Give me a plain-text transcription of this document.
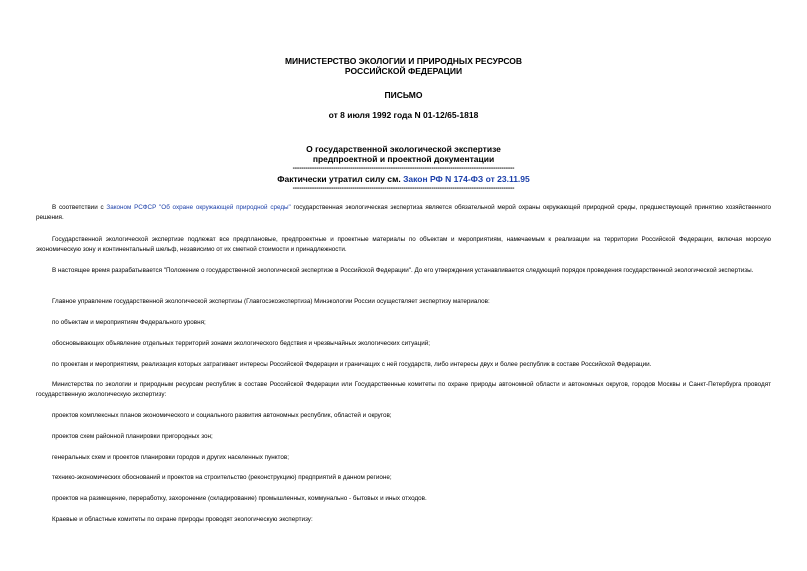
МИНИСТЕРСТВО ЭКОЛОГИИ И ПРИРОДНЫХ РЕСУРСОВ
РОССИЙСКОЙ ФЕДЕРАЦИИ
ПИСЬМО
от 8 июля 1992 года N 01-12/65-1818
О государственной экологической экспертизе
предпроектной и проектной документации
--------------------------------------------------------------------------------------------------------
Фактически утратил силу см. Закон РФ N 174-ФЗ от 23.11.95
--------------------------------------------------------------------------------------------------------
В соответствии с Законом РСФСР "Об охране окружающей природной среды" государственная экологическая экспертиза является обязательной мерой охраны окружающей природной среды, предшествующей принятию хозяйственного решения.
Государственной экологической экспертизе подлежат все предплановые, предпроектные и проектные материалы по объектам и мероприятиям, намечаемым к реализации на территории Российской Федерации, включая морскую экономическую зону и континентальный шельф, независимо от их сметной стоимости и принадлежности.
В настоящее время разрабатывается "Положение о государственной экологической экспертизе в Российской Федерации". До его утверждения устанавливается следующий порядок проведения государственной экологической экспертизы.
Главное управление государственной экологической экспертизы (Главгосэкоэкспертиза) Минэкологии России осуществляет экспертизу материалов:
по объектам и мероприятиям Федерального уровня;
обосновывающих объявление отдельных территорий зонами экологического бедствия и чрезвычайных экологических ситуаций;
по проектам и мероприятиям, реализация которых затрагивает интересы Российской Федерации и граничащих с ней государств, либо интересы двух и более республик в составе Российской Федерации.
Министерства по экологии и природным ресурсам республик в составе Российской Федерации или Государственные комитеты по охране природы автономной области и автономных округов, городов Москвы и Санкт-Петербурга проводят государственную экологическую экспертизу:
проектов комплексных планов экономического и социального развития автономных республик, областей и округов;
проектов схем районной планировки пригородных зон;
генеральных схем и проектов планировки городов и других населенных пунктов;
технико-экономических обоснований и проектов на строительство (реконструкцию) предприятий в данном регионе;
проектов на размещение, переработку, захоронение (складирование) промышленных, коммунально - бытовых и иных отходов.
Краевые и областные комитеты по охране природы проводят экологическую экспертизу:
